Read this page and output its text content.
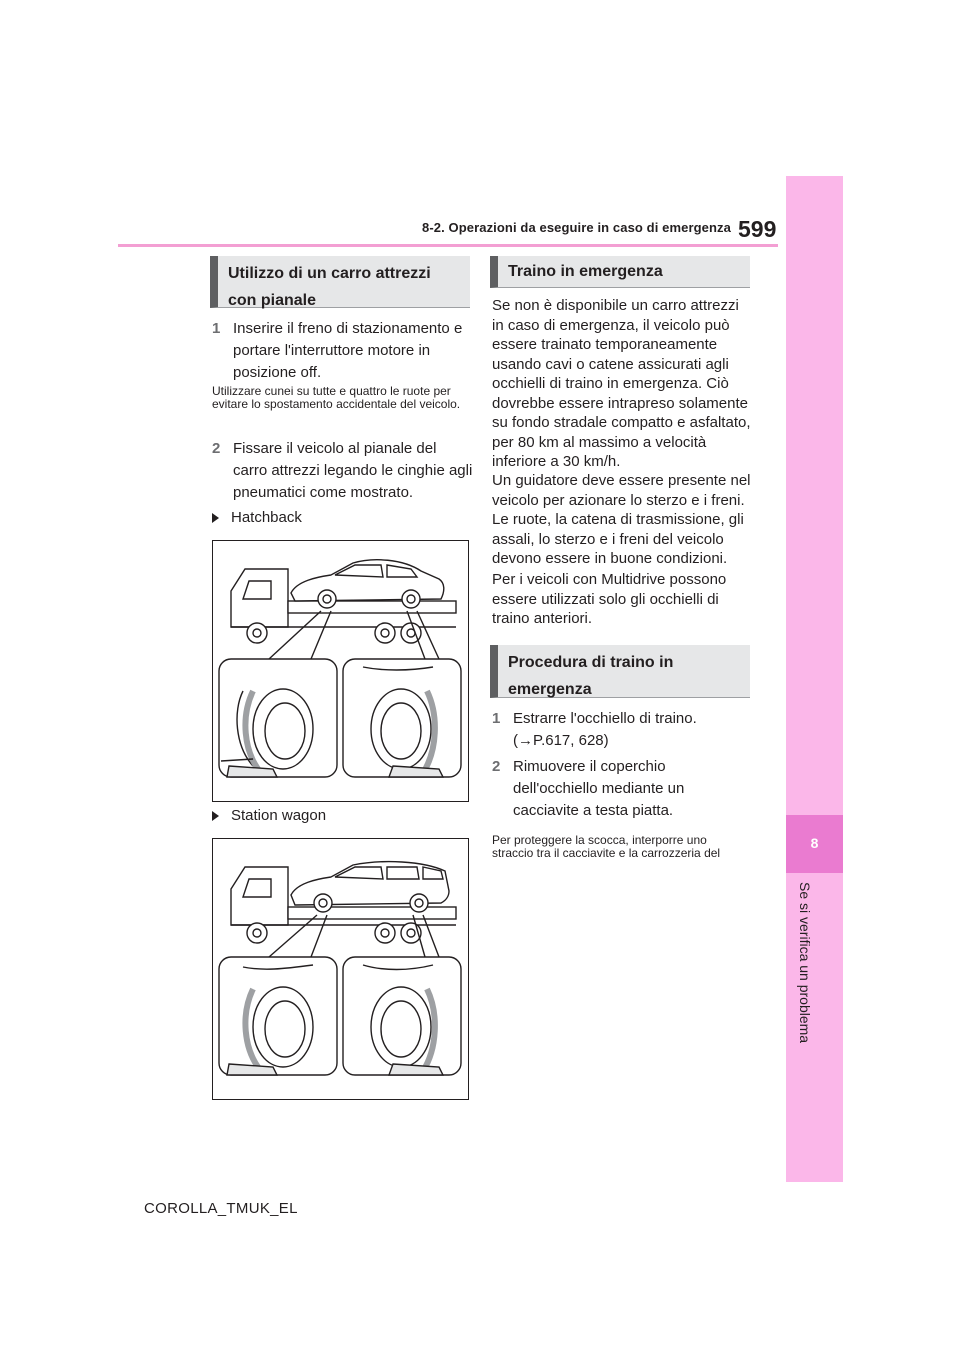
8-2. Operazioni da eseguire in caso di emergenza 599
8
Se si verifica un problema
Utilizzo di un carro attrezzi con pianale
1 Inserire il freno di stazionamento e portare l'interruttore motore in posizione off.
Utilizzare cunei su tutte e quattro le ruote per evitare lo spostamento accidentale del veicolo.
2 Fissare il veicolo al pianale del carro attrezzi legando le cinghie agli pneumatici come mostrato.
Hatchback
Station wagon
Traino in emergenza
Se non è disponibile un carro attrezzi in caso di emergenza, il veicolo può essere trainato temporaneamente usando cavi o catene assicurati agli occhielli di traino in emergenza. Ciò dovrebbe essere intrapreso solamente su fondo stradale compatto e asfaltato, per 80 km al massimo a velocità inferiore a 30 km/h.
Un guidatore deve essere presente nel veicolo per azionare lo sterzo e i freni. Le ruote, la catena di trasmissione, gli assali, lo sterzo e i freni del veicolo devono essere in buone condizioni.
Per i veicoli con Multidrive possono essere utilizzati solo gli occhielli di traino anteriori.
Procedura di traino in emergenza
1 Estrarre l'occhiello di traino.
(→P.617, 628)
2 Rimuovere il coperchio dell'occhiello mediante un cacciavite a testa piatta.
Per proteggere la scocca, interporre uno straccio tra il cacciavite e la carrozzeria del
COROLLA_TMUK_EL
